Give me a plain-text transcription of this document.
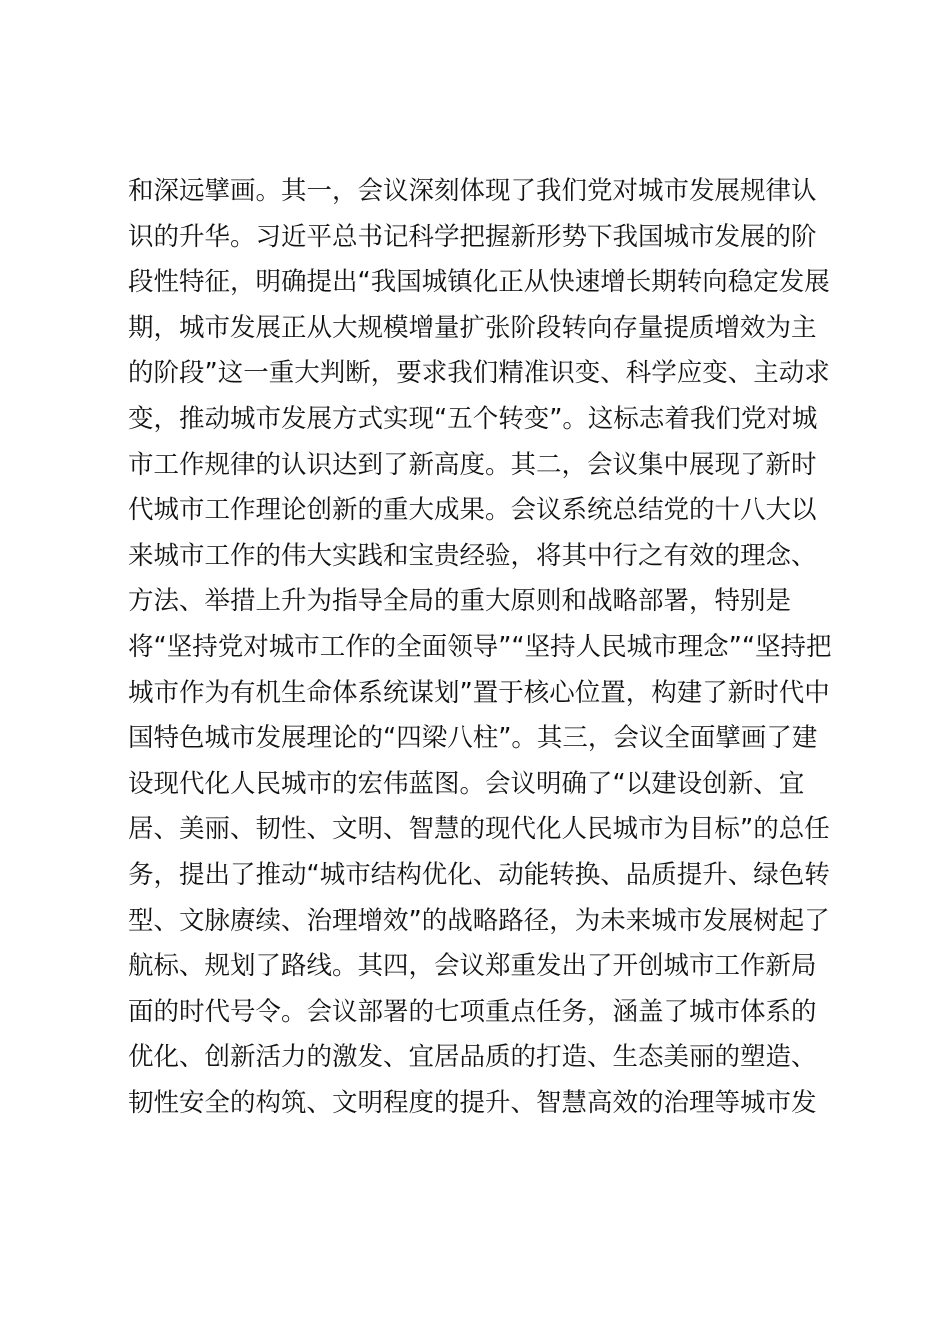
和深远擘画。其一，会议深刻体现了我们党对城市发展规律认
识的升华。习近平总书记科学把握新形势下我国城市发展的阶
段性特征，明确提出“我国城镇化正从快速增长期转向稳定发展
期，城市发展正从大规模增量扩张阶段转向存量提质增效为主
的阶段”这一重大判断，要求我们精准识变、科学应变、主动求
变，推动城市发展方式实现“五个转变”。这标志着我们党对城
市工作规律的认识达到了新高度。其二，会议集中展现了新时
代城市工作理论创新的重大成果。会议系统总结党的十八大以
来城市工作的伟大实践和宝贵经验，将其中行之有效的理念、
方法、举措上升为指导全局的重大原则和战略部署，特别是
将“坚持党对城市工作的全面领导”“坚持人民城市理念”“坚持把
城市作为有机生命体系统谋划”置于核心位置，构建了新时代中
国特色城市发展理论的“四梁八柱”。其三，会议全面擘画了建
设现代化人民城市的宏伟蓝图。会议明确了“以建设创新、宜
居、美丽、韧性、文明、智慧的现代化人民城市为目标”的总任
务，提出了推动“城市结构优化、动能转换、品质提升、绿色转
型、文脉赓续、治理增效”的战略路径，为未来城市发展树起了
航标、规划了路线。其四，会议郑重发出了开创城市工作新局
面的时代号令。会议部署的七项重点任务，涵盖了城市体系的
优化、创新活力的激发、宜居品质的打造、生态美丽的塑造、
韧性安全的构筑、文明程度的提升、智慧高效的治理等城市发
